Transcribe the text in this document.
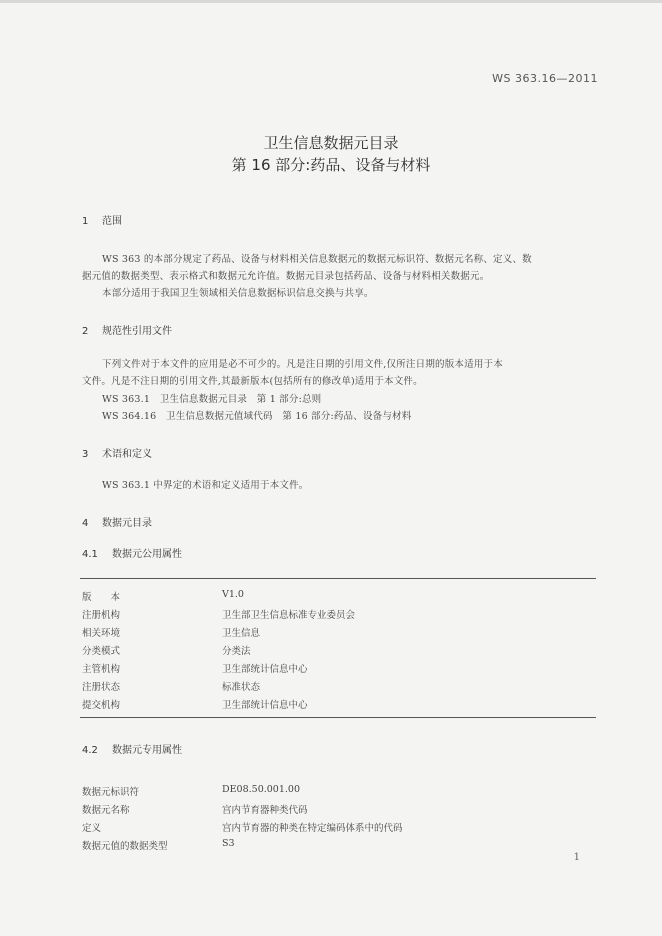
WS 363.16—2011
卫生信息数据元目录
第 16 部分:药品、设备与材料
1 范围
WS 363 的本部分规定了药品、设备与材料相关信息数据元的数据元标识符、数据元名称、定义、数
据元值的数据类型、表示格式和数据元允许值。数据元目录包括药品、设备与材料相关数据元。
本部分适用于我国卫生领域相关信息数据标识信息交换与共享。
2 规范性引用文件
下列文件对于本文件的应用是必不可少的。凡是注日期的引用文件,仅所注日期的版本适用于本
文件。凡是不注日期的引用文件,其最新版本(包括所有的修改单)适用于本文件。
WS 363.1　卫生信息数据元目录　第 1 部分:总则
WS 364.16　卫生信息数据元值域代码　第 16 部分:药品、设备与材料
3 术语和定义
WS 363.1 中界定的术语和定义适用于本文件。
4 数据元目录
4.1 数据元公用属性
版　　本	V1.0
注册机构	卫生部卫生信息标准专业委员会
相关环境	卫生信息
分类模式	分类法
主管机构	卫生部统计信息中心
注册状态	标准状态
提交机构	卫生部统计信息中心
4.2 数据元专用属性
数据元标识符	DE08.50.001.00
数据元名称	宫内节育器种类代码
定义	宫内节育器的种类在特定编码体系中的代码
数据元值的数据类型	S3
1
